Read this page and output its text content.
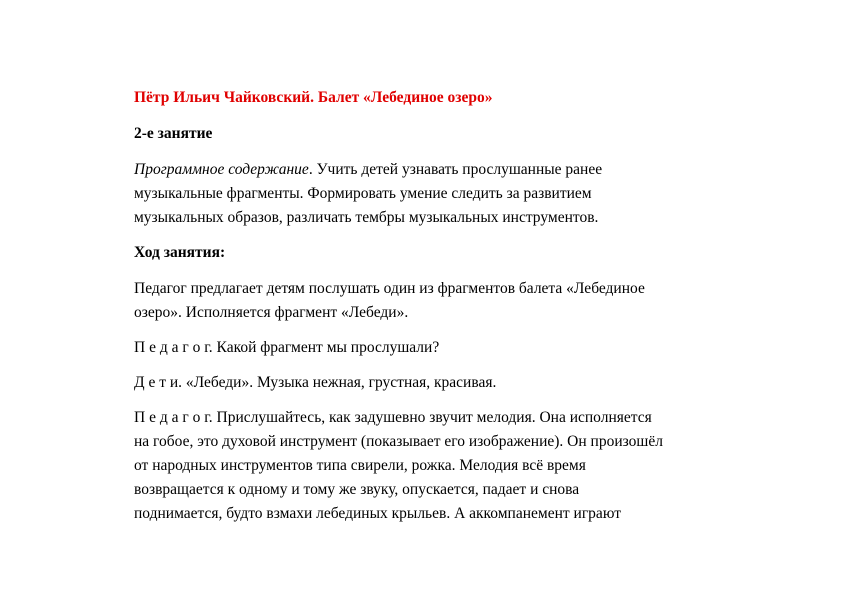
Пётр Ильич Чайковский. Балет «Лебединое озеро»
2-е занятие
Программное содержание. Учить детей узнавать прослушанные ранее
музыкальные фрагменты. Формировать умение следить за развитием
музыкальных образов, различать тембры музыкальных инструментов.
Ход занятия:
Педагог предлагает детям послушать один из фрагментов балета «Лебединое
озеро». Исполняется фрагмент «Лебеди».
П е д а г о г. Какой фрагмент мы прослушали?
Д е т и. «Лебеди». Музыка нежная, грустная, красивая.
П е д а г о г. Прислушайтесь, как задушевно звучит мелодия. Она исполняется
на гобое, это духовой инструмент (показывает его изображение). Он произошёл
от народных инструментов типа свирели, рожка. Мелодия всё время
возвращается к одному и тому же звуку, опускается, падает и снова
поднимается, будто взмахи лебединых крыльев. А аккомпанемент играют
